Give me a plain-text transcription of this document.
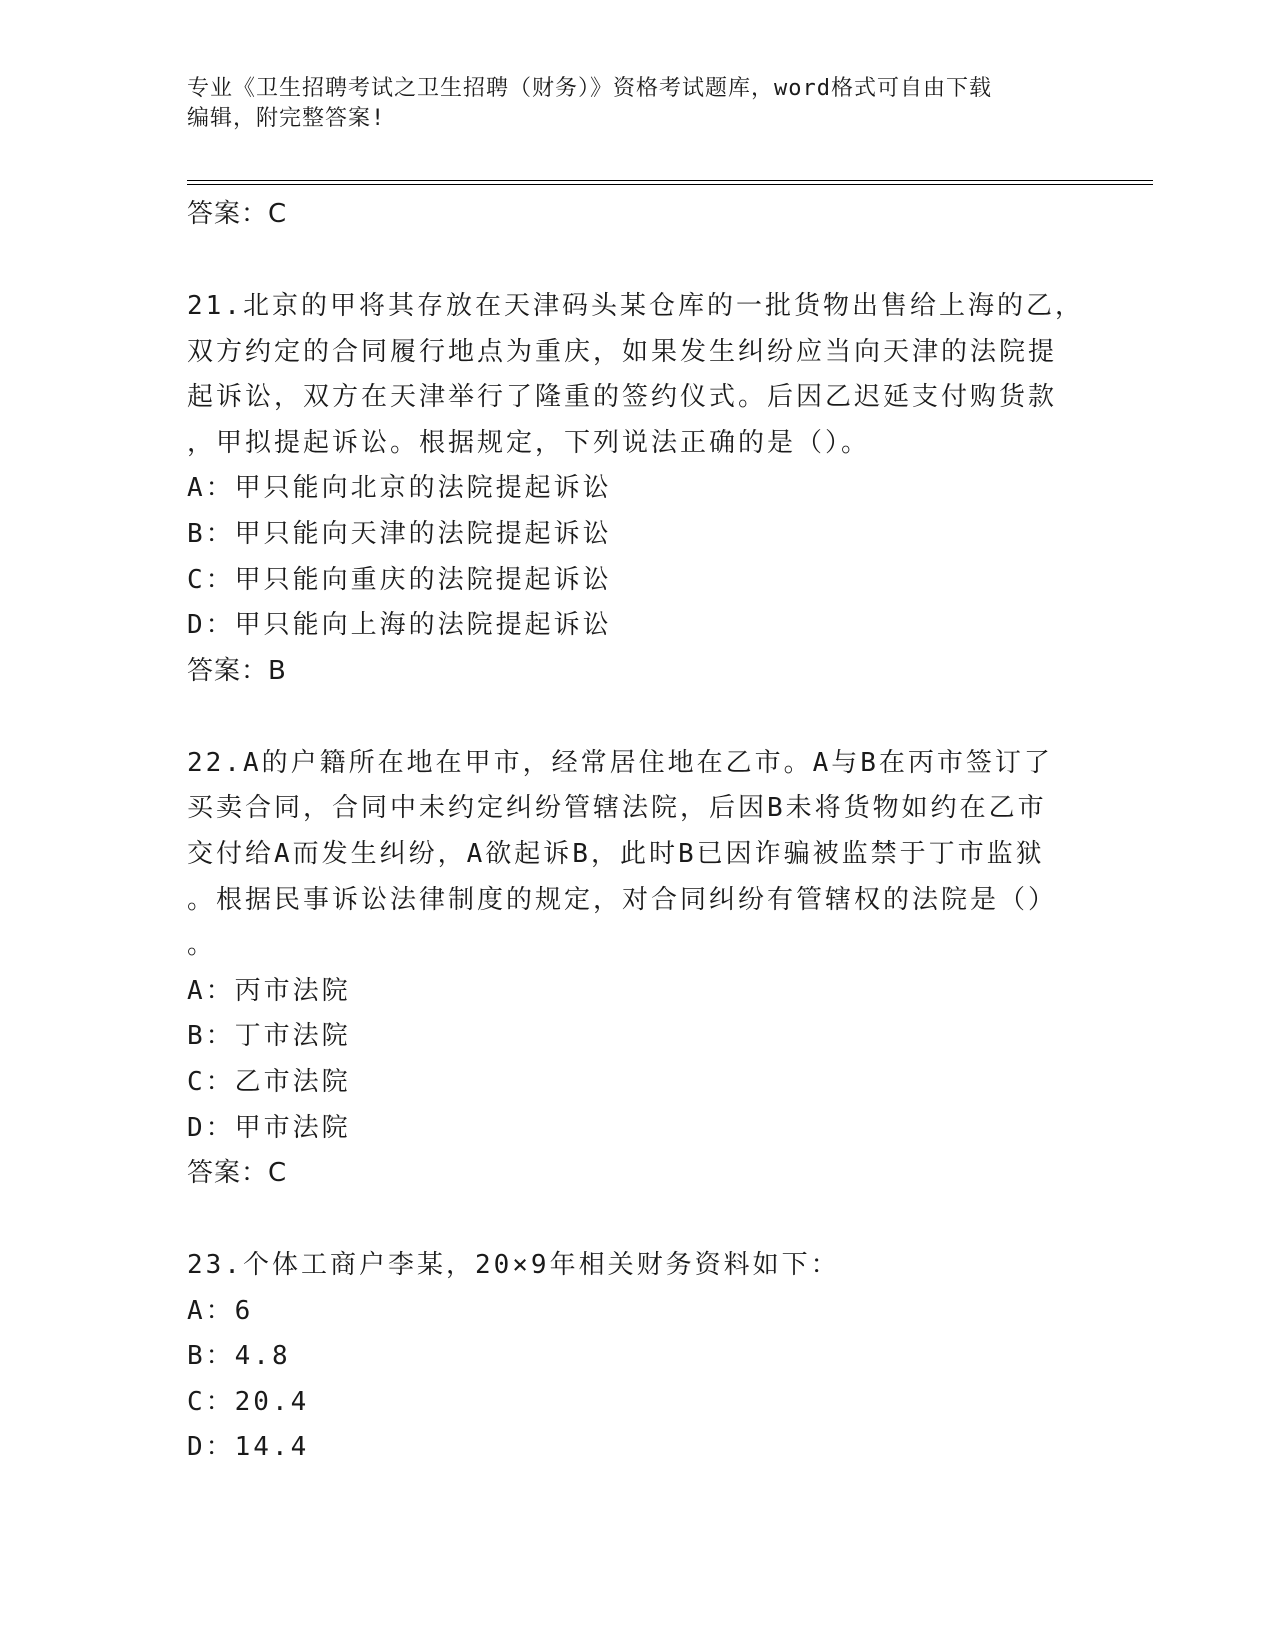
专业《卫生招聘考试之卫生招聘（财务）》资格考试题库，word格式可自由下载
编辑，附完整答案!
答案：C
21.北京的甲将其存放在天津码头某仓库的一批货物出售给上海的乙，
双方约定的合同履行地点为重庆，如果发生纠纷应当向天津的法院提
起诉讼，双方在天津举行了隆重的签约仪式。后因乙迟延支付购货款
，甲拟提起诉讼。根据规定，下列说法正确的是（）。
A：甲只能向北京的法院提起诉讼
B：甲只能向天津的法院提起诉讼
C：甲只能向重庆的法院提起诉讼
D：甲只能向上海的法院提起诉讼
答案：B
22.A的户籍所在地在甲市，经常居住地在乙市。A与B在丙市签订了
买卖合同，合同中未约定纠纷管辖法院，后因B未将货物如约在乙市
交付给A而发生纠纷，A欲起诉B，此时B已因诈骗被监禁于丁市监狱
。根据民事诉讼法律制度的规定，对合同纠纷有管辖权的法院是（）
。
A：丙市法院
B：丁市法院
C：乙市法院
D：甲市法院
答案：C
23.个体工商户李某，20×9年相关财务资料如下：
A：6
B：4.8
C：20.4
D：14.4
